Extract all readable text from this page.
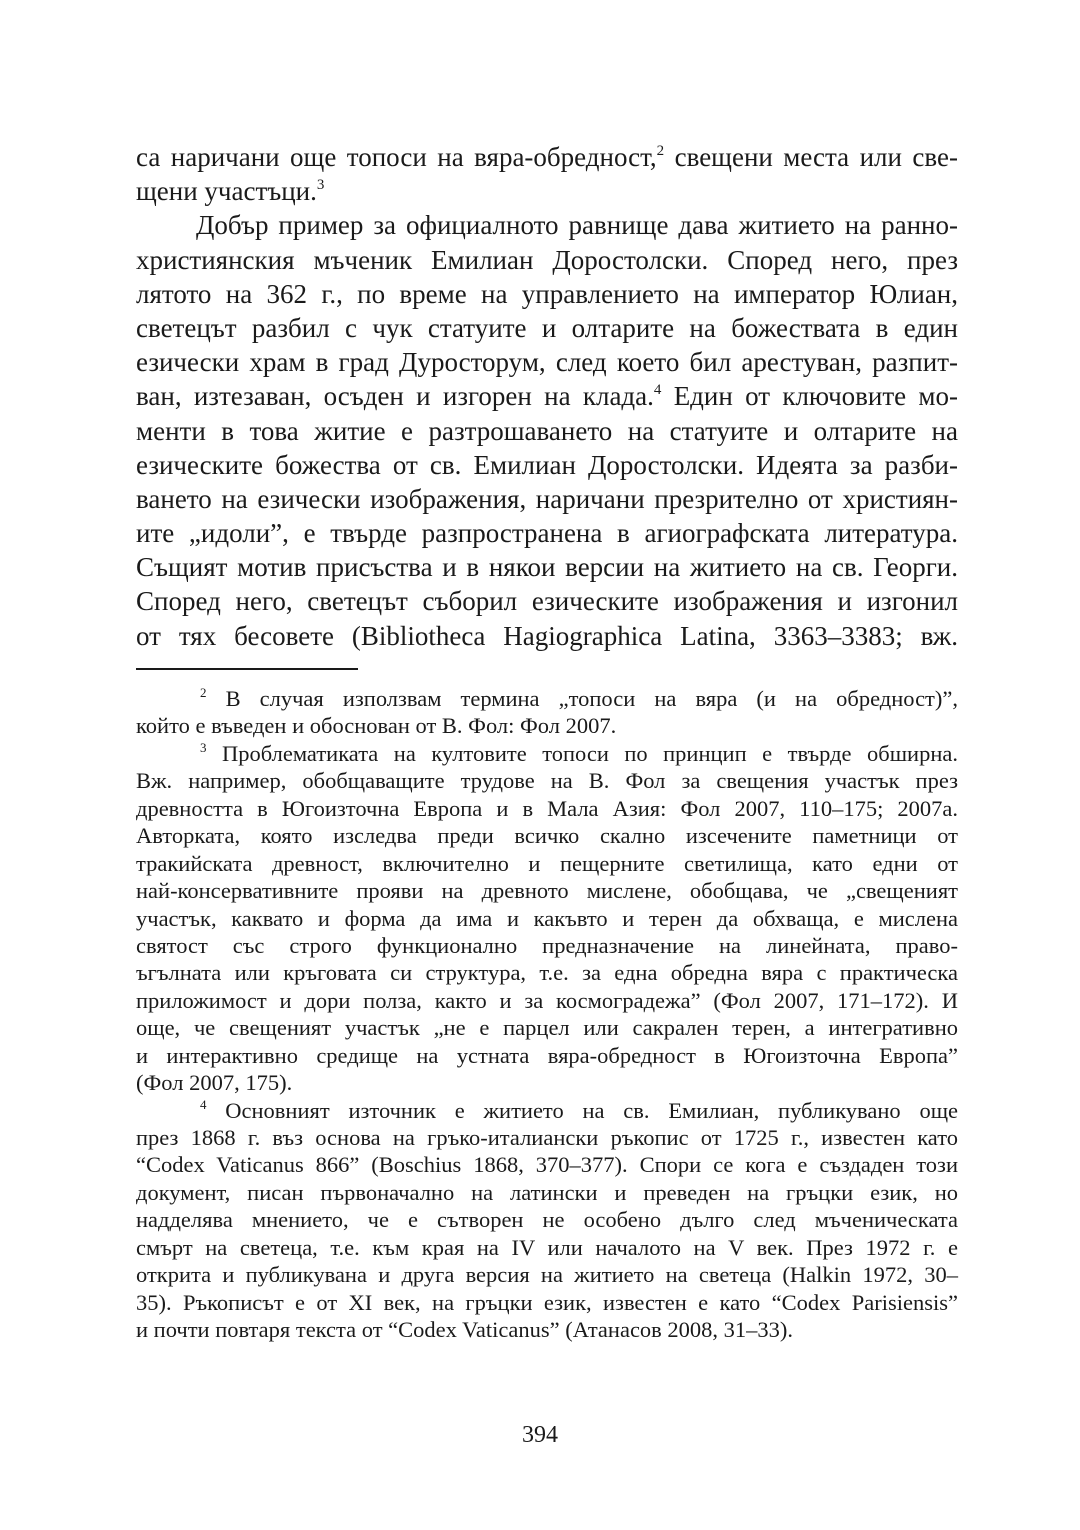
са наричани още топоси на вяра-обредност,$^2$ свещени места или све-
щени участъци.$^3$
Добър пример за официалното равнище дава житието на ранно-
християнския мъченик Емилиан Доростолски. Според него, през
лятото на 362 г., по време на управлението на император Юлиан,
светецът разбил с чук статуите и олтарите на божествата в един
езически храм в град Дуросторум, след което бил арестуван, разпит-
ван, изтезаван, осъден и изгорен на клада.$^4$ Един от ключовите мо-
менти в това житие е разтрошаването на статуите и олтарите на
езическите божества от св. Емилиан Доростолски. Идеята за разби-
ването на езически изображения, наричани презрително от християн-
ите „идоли”, е твърде разпространена в агиографската литература.
Същият мотив присъства и в някои версии на житието на св. Георги.
Според него, светецът съборил езическите изображения и изгонил
от тях бесовете (Bibliotheca Hagiographica Latina, 3363–3383; вж.
$^2$ В случая използвам термина „топоси на вяра (и на обредност)”,
който е въведен и обоснован от В. Фол: Фол 2007.
$^3$ Проблематиката на култовите топоси по принцип е твърде обширна.
Вж. например, обобщаващите трудове на В. Фол за свещения участък през
древността в Югоизточна Европа и в Мала Азия: Фол 2007, 110–175; 2007а.
Авторката, която изследва преди всичко скално изсечените паметници от
тракийската древност, включително и пещерните светилища, като едни от
най-консервативните прояви на древното мислене, обобщава, че „свещеният
участък, каквато и форма да има и какъвто и терен да обхваща, е мислена
святост със строго функционално предназначение на линейната, право-
ъгълната или кръговата си структура, т.е. за една обредна вяра с практическа
приложимост и дори полза, както и за космоградежа” (Фол 2007, 171–172). И
още, че свещеният участък „не е парцел или сакрален терен, а интегративно
и интерактивно средище на устната вяра-обредност в Югоизточна Европа”
(Фол 2007, 175).
$^4$ Основният източник е житието на св. Емилиан, публикувано още
през 1868 г. въз основа на гръко-италиански ръкопис от 1725 г., известен като
“Codex Vaticanus 866” (Boschius 1868, 370–377). Спори се кога е създаден този
документ, писан първоначално на латински и преведен на гръцки език, но
надделява мнението, че е сътворен не особено дълго след мъченическата
смърт на светеца, т.е. към края на IV или началото на V век. През 1972 г. е
открита и публикувана и друга версия на житието на светеца (Halkin 1972, 30–
35). Ръкописът е от XI век, на гръцки език, известен е като “Codex Parisiensis”
и почти повтаря текста от “Codex Vaticanus” (Атанасов 2008, 31–33).
394
